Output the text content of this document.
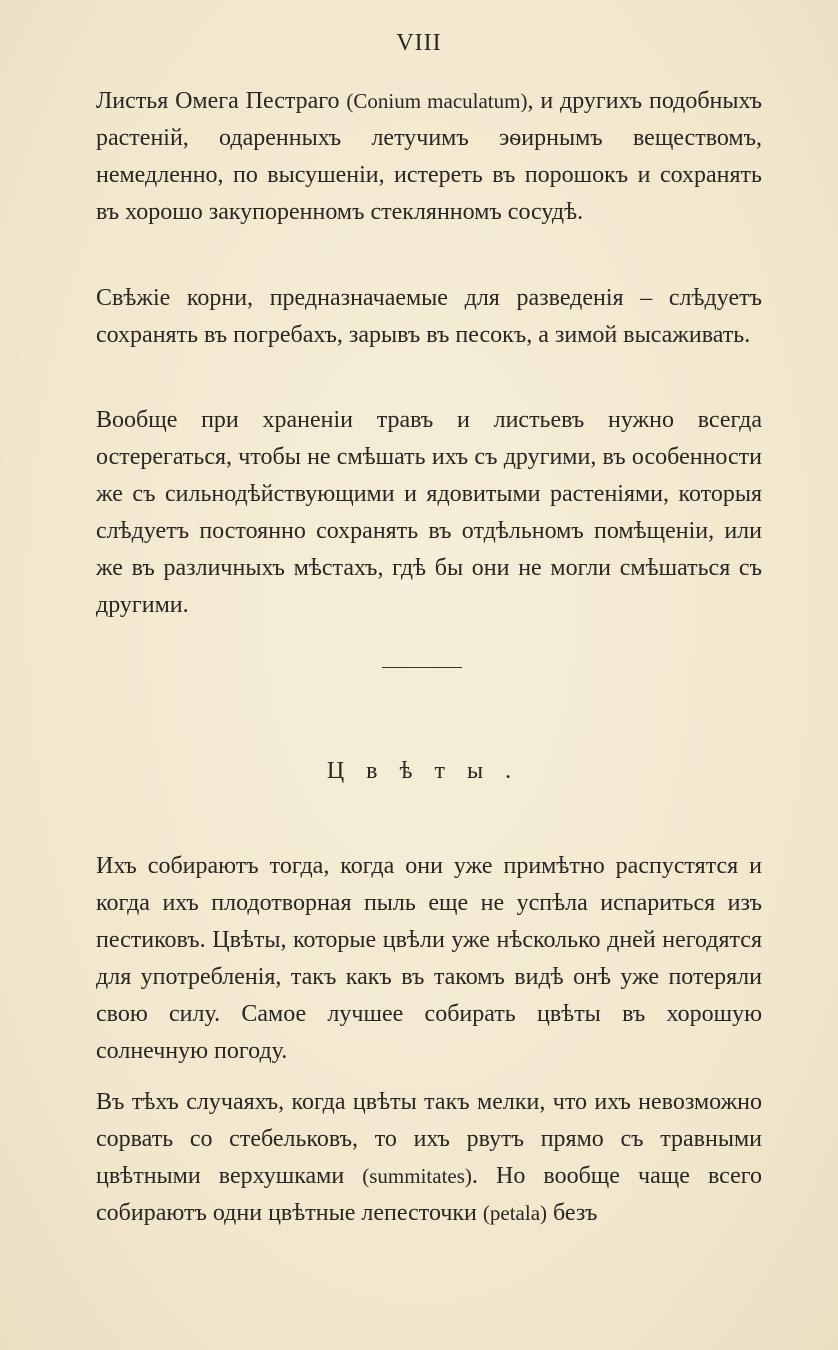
VIII

Листья Омега Пестраго (Conium maculatum), и другихъ подобныхъ растенiй, одаренныхъ летучимъ эѳирнымъ веществомъ, немедленно, по высушенiи, истереть въ порошокъ и сохранять въ хорошо закупоренномъ стеклянномъ сосудѣ.

Свѣжiе корни, предназначаемые для разведенiя – слѣдуетъ сохранять въ погребахъ, зарывъ въ песокъ, а зимой высаживать.

Вообще при храненiи травъ и листьевъ нужно всегда остерегаться, чтобы не смѣшать ихъ съ другими, въ особенности же съ сильнодѣйствующими и ядовитыми растенiями, которыя слѣдуетъ постоянно сохранять въ отдѣльномъ помѣщенiи, или же въ различныхъ мѣстахъ, гдѣ бы они не могли смѣшаться съ другими.

Цвѣты.

Ихъ собираютъ тогда, когда они уже примѣтно распустятся и когда ихъ плодотворная пыль еще не успѣла испариться изъ пестиковъ. Цвѣты, которые цвѣли уже нѣсколько дней негодятся для употребленiя, такъ какъ въ такомъ видѣ онѣ уже потеряли свою силу. Самое лучшее собирать цвѣты въ хорошую солнечную погоду.

Въ тѣхъ случаяхъ, когда цвѣты такъ мелки, что ихъ невозможно сорвать со стебельковъ, то ихъ рвутъ прямо съ травными цвѣтными верхушками (summitates). Но вообще чаще всего собираютъ одни цвѣтные лепесточки (petala) безъ
